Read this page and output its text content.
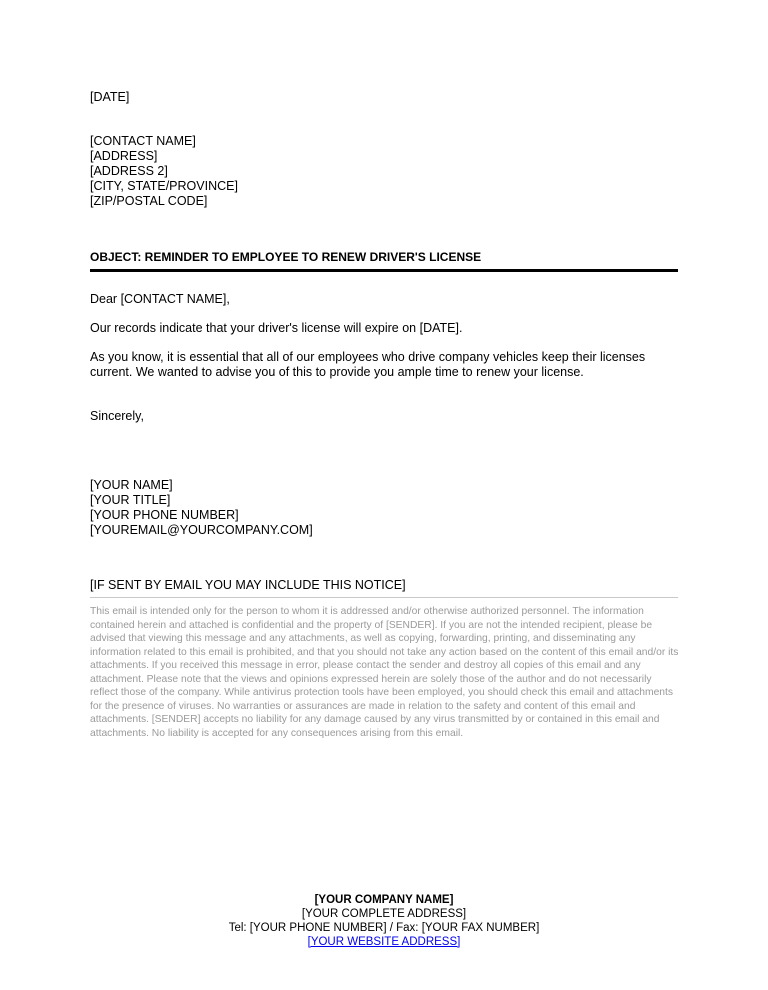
[DATE]
[CONTACT NAME]
[ADDRESS]
[ADDRESS 2]
[CITY, STATE/PROVINCE]
[ZIP/POSTAL CODE]
OBJECT: REMINDER TO EMPLOYEE TO RENEW DRIVER'S LICENSE
Dear [CONTACT NAME],
Our records indicate that your driver's license will expire on [DATE].
As you know, it is essential that all of our employees who drive company vehicles keep their licenses current. We wanted to advise you of this to provide you ample time to renew your license.
Sincerely,
[YOUR NAME]
[YOUR TITLE]
[YOUR PHONE NUMBER]
[YOUREMAIL@YOURCOMPANY.COM]
[IF SENT BY EMAIL YOU MAY INCLUDE THIS NOTICE]
This email is intended only for the person to whom it is addressed and/or otherwise authorized personnel. The information contained herein and attached is confidential and the property of [SENDER]. If you are not the intended recipient, please be advised that viewing this message and any attachments, as well as copying, forwarding, printing, and disseminating any information related to this email is prohibited, and that you should not take any action based on the content of this email and/or its attachments. If you received this message in error, please contact the sender and destroy all copies of this email and any attachment. Please note that the views and opinions expressed herein are solely those of the author and do not necessarily reflect those of the company. While antivirus protection tools have been employed, you should check this email and attachments for the presence of viruses. No warranties or assurances are made in relation to the safety and content of this email and attachments. [SENDER] accepts no liability for any damage caused by any virus transmitted by or contained in this email and attachments. No liability is accepted for any consequences arising from this email.
[YOUR COMPANY NAME]
[YOUR COMPLETE ADDRESS]
Tel: [YOUR PHONE NUMBER] / Fax: [YOUR FAX NUMBER]
[YOUR WEBSITE ADDRESS]
